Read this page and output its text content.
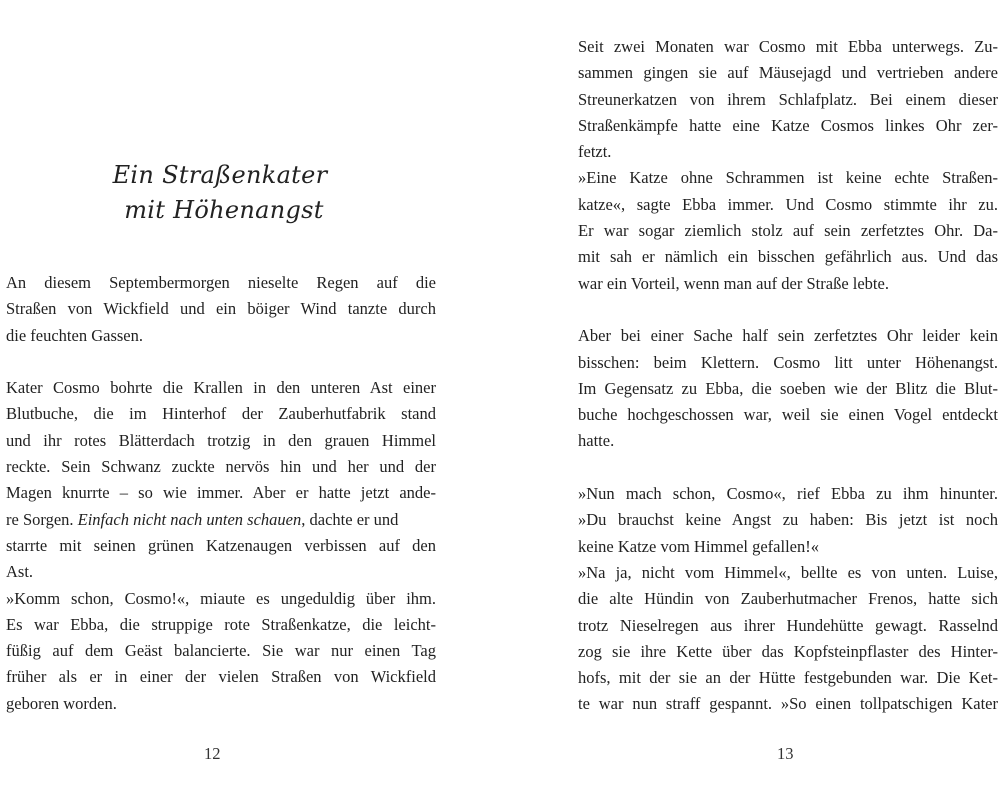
Ein Straßenkater
mit Höhenangst
An diesem Septembermorgen nieselte Regen auf die
Straßen von Wickfield und ein böiger Wind tanzte durch
die feuchten Gassen.
Kater Cosmo bohrte die Krallen in den unteren Ast einer
Blutbuche, die im Hinterhof der Zauberhutfabrik stand
und ihr rotes Blätterdach trotzig in den grauen Himmel
reckte. Sein Schwanz zuckte nervös hin und her und der
Magen knurrte – so wie immer. Aber er hatte jetzt ande-
re Sorgen. Einfach nicht nach unten schauen, dachte er und
starrte mit seinen grünen Katzenaugen verbissen auf den
Ast.
»Komm schon, Cosmo!«, miaute es ungeduldig über ihm.
Es war Ebba, die struppige rote Straßenkatze, die leicht-
füßig auf dem Geäst balancierte. Sie war nur einen Tag
früher als er in einer der vielen Straßen von Wickfield
geboren worden.
12
Seit zwei Monaten war Cosmo mit Ebba unterwegs. Zu-
sammen gingen sie auf Mäusejagd und vertrieben andere
Streunerkatzen von ihrem Schlafplatz. Bei einem dieser
Straßenkämpfe hatte eine Katze Cosmos linkes Ohr zer-
fetzt.
»Eine Katze ohne Schrammen ist keine echte Straßen-
katze«, sagte Ebba immer. Und Cosmo stimmte ihr zu.
Er war sogar ziemlich stolz auf sein zerfetztes Ohr. Da-
mit sah er nämlich ein bisschen gefährlich aus. Und das
war ein Vorteil, wenn man auf der Straße lebte.
Aber bei einer Sache half sein zerfetztes Ohr leider kein
bisschen: beim Klettern. Cosmo litt unter Höhenangst.
Im Gegensatz zu Ebba, die soeben wie der Blitz die Blut-
buche hochgeschossen war, weil sie einen Vogel entdeckt
hatte.
»Nun mach schon, Cosmo«, rief Ebba zu ihm hinunter.
»Du brauchst keine Angst zu haben: Bis jetzt ist noch
keine Katze vom Himmel gefallen!«
»Na ja, nicht vom Himmel«, bellte es von unten. Luise,
die alte Hündin von Zauberhutmacher Frenos, hatte sich
trotz Nieselregen aus ihrer Hundehütte gewagt. Rasselnd
zog sie ihre Kette über das Kopfsteinpflaster des Hinter-
hofs, mit der sie an der Hütte festgebunden war. Die Ket-
te war nun straff gespannt. »So einen tollpatschigen Kater
13
